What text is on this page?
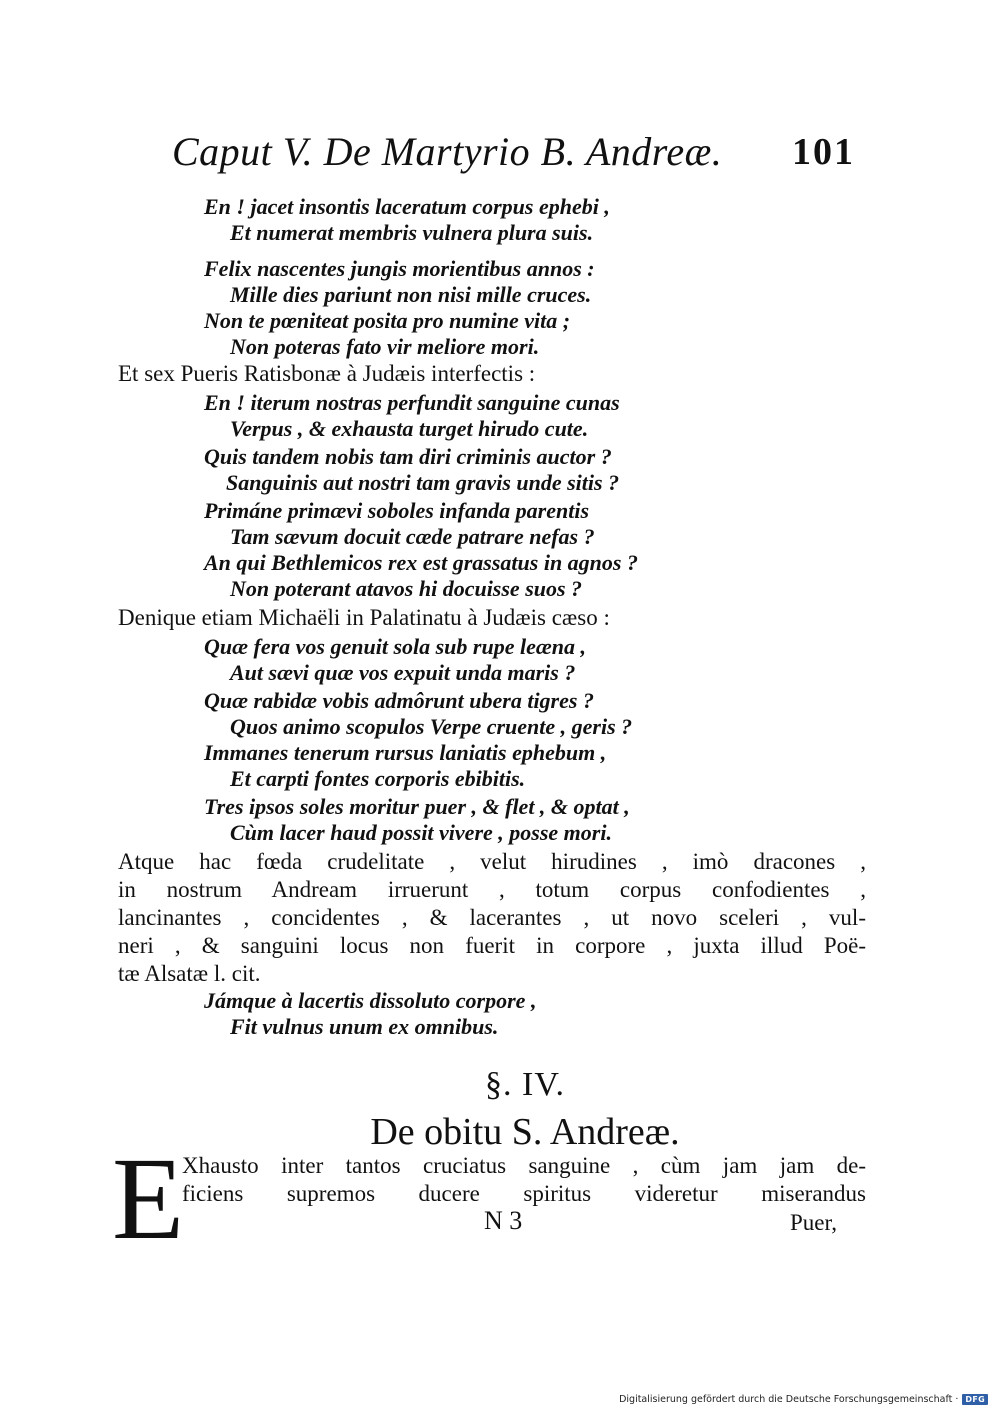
Caput V. De Martyrio B. Andreæ. 101
En ! jacet insontis laceratum corpus ephebi ,
Et numerat membris vulnera plura suis.
Felix nascentes jungis morientibus annos :
Mille dies pariunt non nisi mille cruces.
Non te pœniteat posita pro numine vita ;
Non poteras fato vir meliore mori.
Et sex Pueris Ratisbonæ à Judæis interfectis :
En ! iterum nostras perfundit sanguine cunas
Verpus , & exhausta turget hirudo cute.
Quis tandem nobis tam diri criminis auctor ?
Sanguinis aut nostri tam gravis unde sitis ?
Primáne primævi soboles infanda parentis
Tam sævum docuit cæde patrare nefas ?
An qui Bethlemicos rex est grassatus in agnos ?
Non poterant atavos hi docuisse suos ?
Denique etiam Michaëli in Palatinatu à Judæis cæso :
Quæ fera vos genuit sola sub rupe leæna ,
Aut sævi quæ vos expuit unda maris ?
Quæ rabidæ vobis admôrunt ubera tigres ?
Quos animo scopulos Verpe cruente , geris ?
Immanes tenerum rursus laniatis ephebum ,
Et carpti fontes corporis ebibitis.
Tres ipsos soles moritur puer , & flet , & optat ,
Cùm lacer haud possit vivere , posse mori.
Atque hac fœda crudelitate , velut hirudines , imò dracones ,
in nostrum Andream irruerunt , totum corpus confodientes ,
lancinantes , concidentes , & lacerantes , ut novo sceleri , vul-
neri , & sanguini locus non fuerit in corpore , juxta illud Poë-
tæ Alsatæ l. cit.
Jámque à lacertis dissoluto corpore ,
Fit vulnus unum ex omnibus.
§. IV.
De obitu S. Andreæ.
E
Xhausto inter tantos cruciatus sanguine , cùm jam jam de-
ficiens supremos ducere spiritus videretur miserandus
N 3	Puer,
Digitalisierung gefördert durch die Deutsche Forschungsgemeinschaft · DFG
